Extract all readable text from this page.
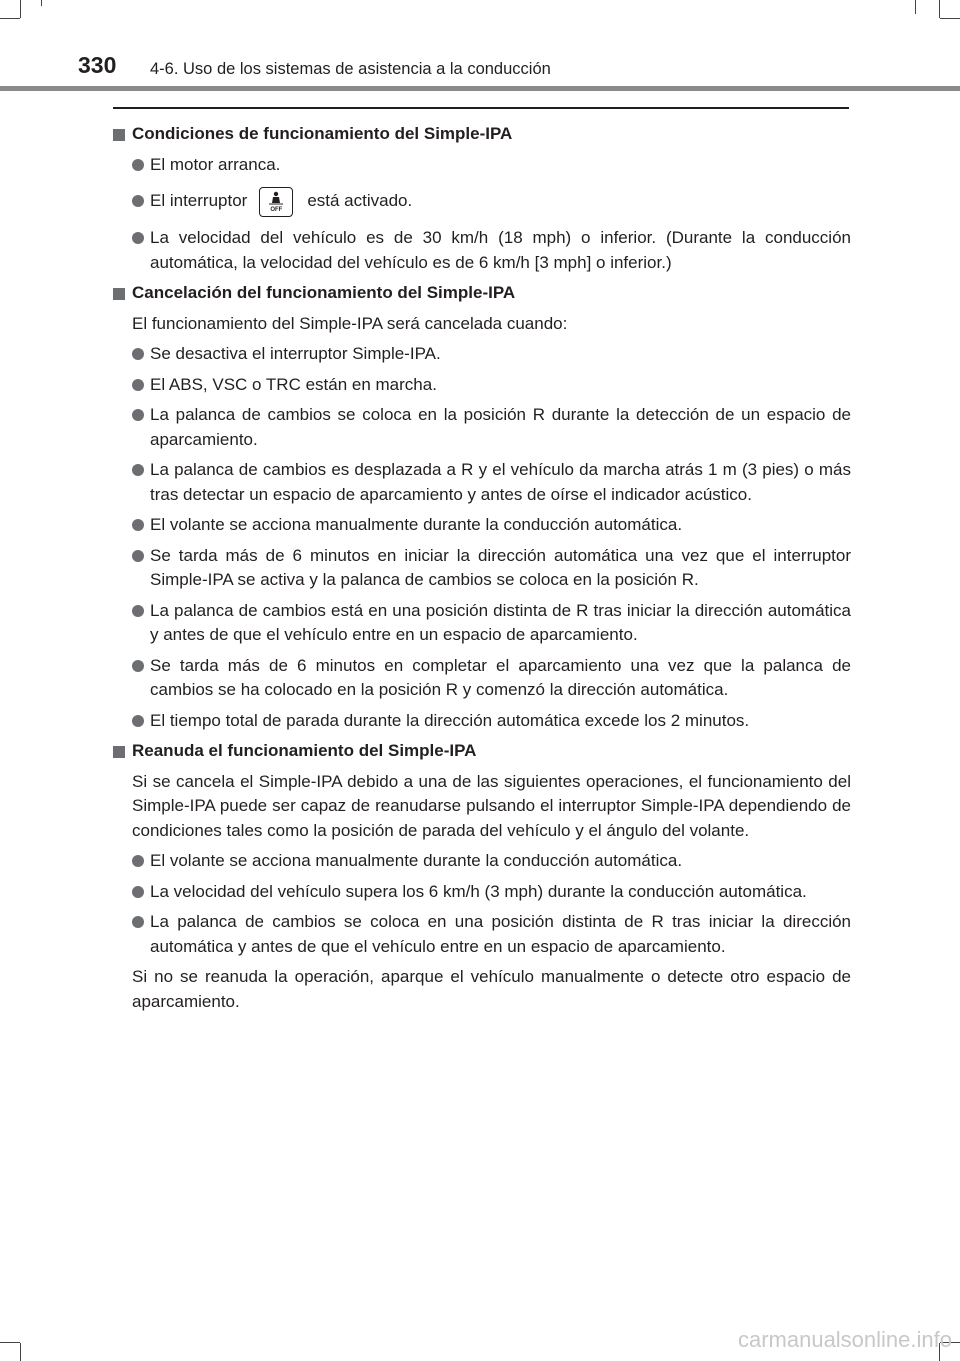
330 4-6. Uso de los sistemas de asistencia a la conducción
Condiciones de funcionamiento del Simple-IPA
El motor arranca.
El interruptor	OFF	está activado.
La velocidad del vehículo es de 30 km/h (18 mph) o inferior. (Durante la conducción automática, la velocidad del vehículo es de 6 km/h [3 mph] o inferior.)
Cancelación del funcionamiento del Simple-IPA
El funcionamiento del Simple-IPA será cancelada cuando:
Se desactiva el interruptor Simple-IPA.
El ABS, VSC o TRC están en marcha.
La palanca de cambios se coloca en la posición R durante la detección de un espacio de aparcamiento.
La palanca de cambios es desplazada a R y el vehículo da marcha atrás 1 m (3 pies) o más tras detectar un espacio de aparcamiento y antes de oírse el indicador acústico.
El volante se acciona manualmente durante la conducción automática.
Se tarda más de 6 minutos en iniciar la dirección automática una vez que el interruptor Simple-IPA se activa y la palanca de cambios se coloca en la posición R.
La palanca de cambios está en una posición distinta de R tras iniciar la dirección automática y antes de que el vehículo entre en un espacio de aparcamiento.
Se tarda más de 6 minutos en completar el aparcamiento una vez que la palanca de cambios se ha colocado en la posición R y comenzó la dirección automática.
El tiempo total de parada durante la dirección automática excede los 2 minutos.
Reanuda el funcionamiento del Simple-IPA
Si se cancela el Simple-IPA debido a una de las siguientes operaciones, el funcionamiento del Simple-IPA puede ser capaz de reanudarse pulsando el interruptor Simple-IPA dependiendo de condiciones tales como la posición de parada del vehículo y el ángulo del volante.
El volante se acciona manualmente durante la conducción automática.
La velocidad del vehículo supera los 6 km/h (3 mph) durante la conducción automática.
La palanca de cambios se coloca en una posición distinta de R tras iniciar la dirección automática y antes de que el vehículo entre en un espacio de aparcamiento.
Si no se reanuda la operación, aparque el vehículo manualmente o detecte otro espacio de aparcamiento.
carmanualsonline.info
